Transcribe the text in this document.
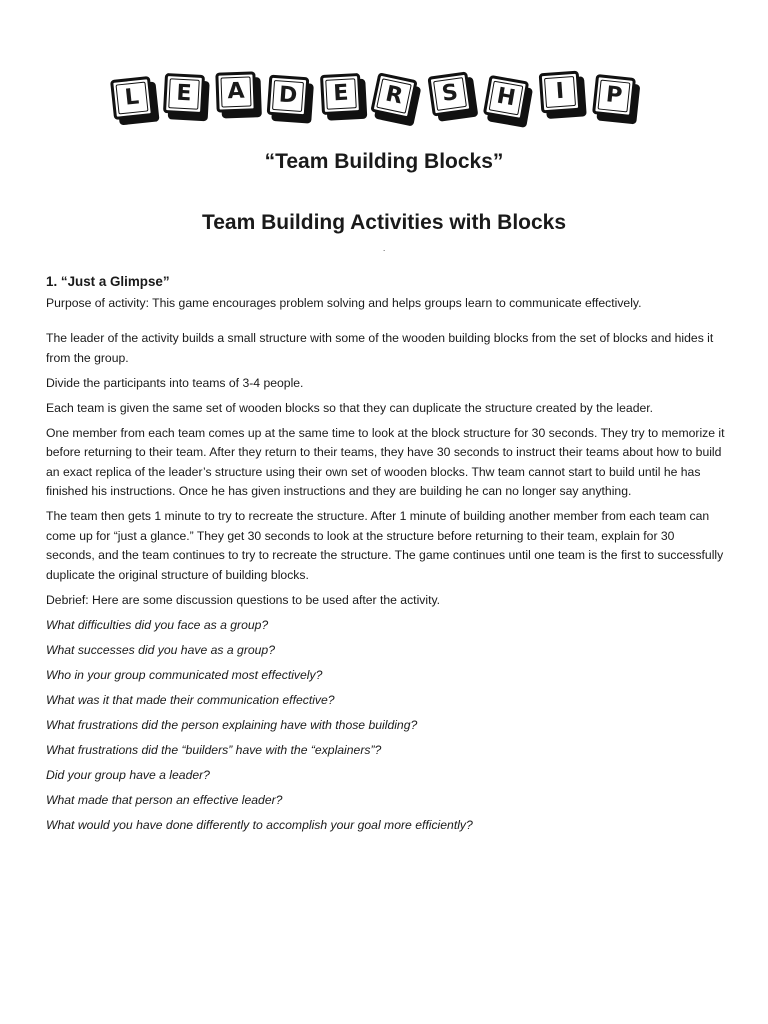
L	E	A D	E	R	S	H	I	P
“Team Building Blocks”
Team Building Activities with Blocks
.

1. “Just a Glimpse”

Purpose of activity: This game encourages problem solving and helps groups learn to communicate effectively.

The leader of the activity builds a small structure with some of the wooden building blocks from the set of blocks and hides it from the group.

Divide the participants into teams of 3-4 people.

Each team is given the same set of wooden blocks so that they can duplicate the structure created by the leader.

One member from each team comes up at the same time to look at the block structure for 30 seconds. They try to memorize it before returning to their team. After they return to their teams, they have 30 seconds to instruct their teams about how to build an exact replica of the leader’s structure using their own set of wooden blocks. Thw team cannot start to build until he has finished his instructions. Once he has given instructions and they are building he can no longer say anything.

The team then gets 1 minute to try to recreate the structure. After 1 minute of building another member from each team can come up for “just a glance.” They get 30 seconds to look at the structure before returning to their team, explain for 30 seconds, and the team continues to try to recreate the structure. The game continues until one team is the first to successfully duplicate the original structure of building blocks.

Debrief: Here are some discussion questions to be used after the activity.

What difficulties did you face as a group?

What successes did you have as a group?

Who in your group communicated most effectively?

What was it that made their communication effective?

What frustrations did the person explaining have with those building?

What frustrations did the “builders” have with the “explainers”?

Did your group have a leader?

What made that person an effective leader?

What would you have done differently to accomplish your goal more efficiently?
